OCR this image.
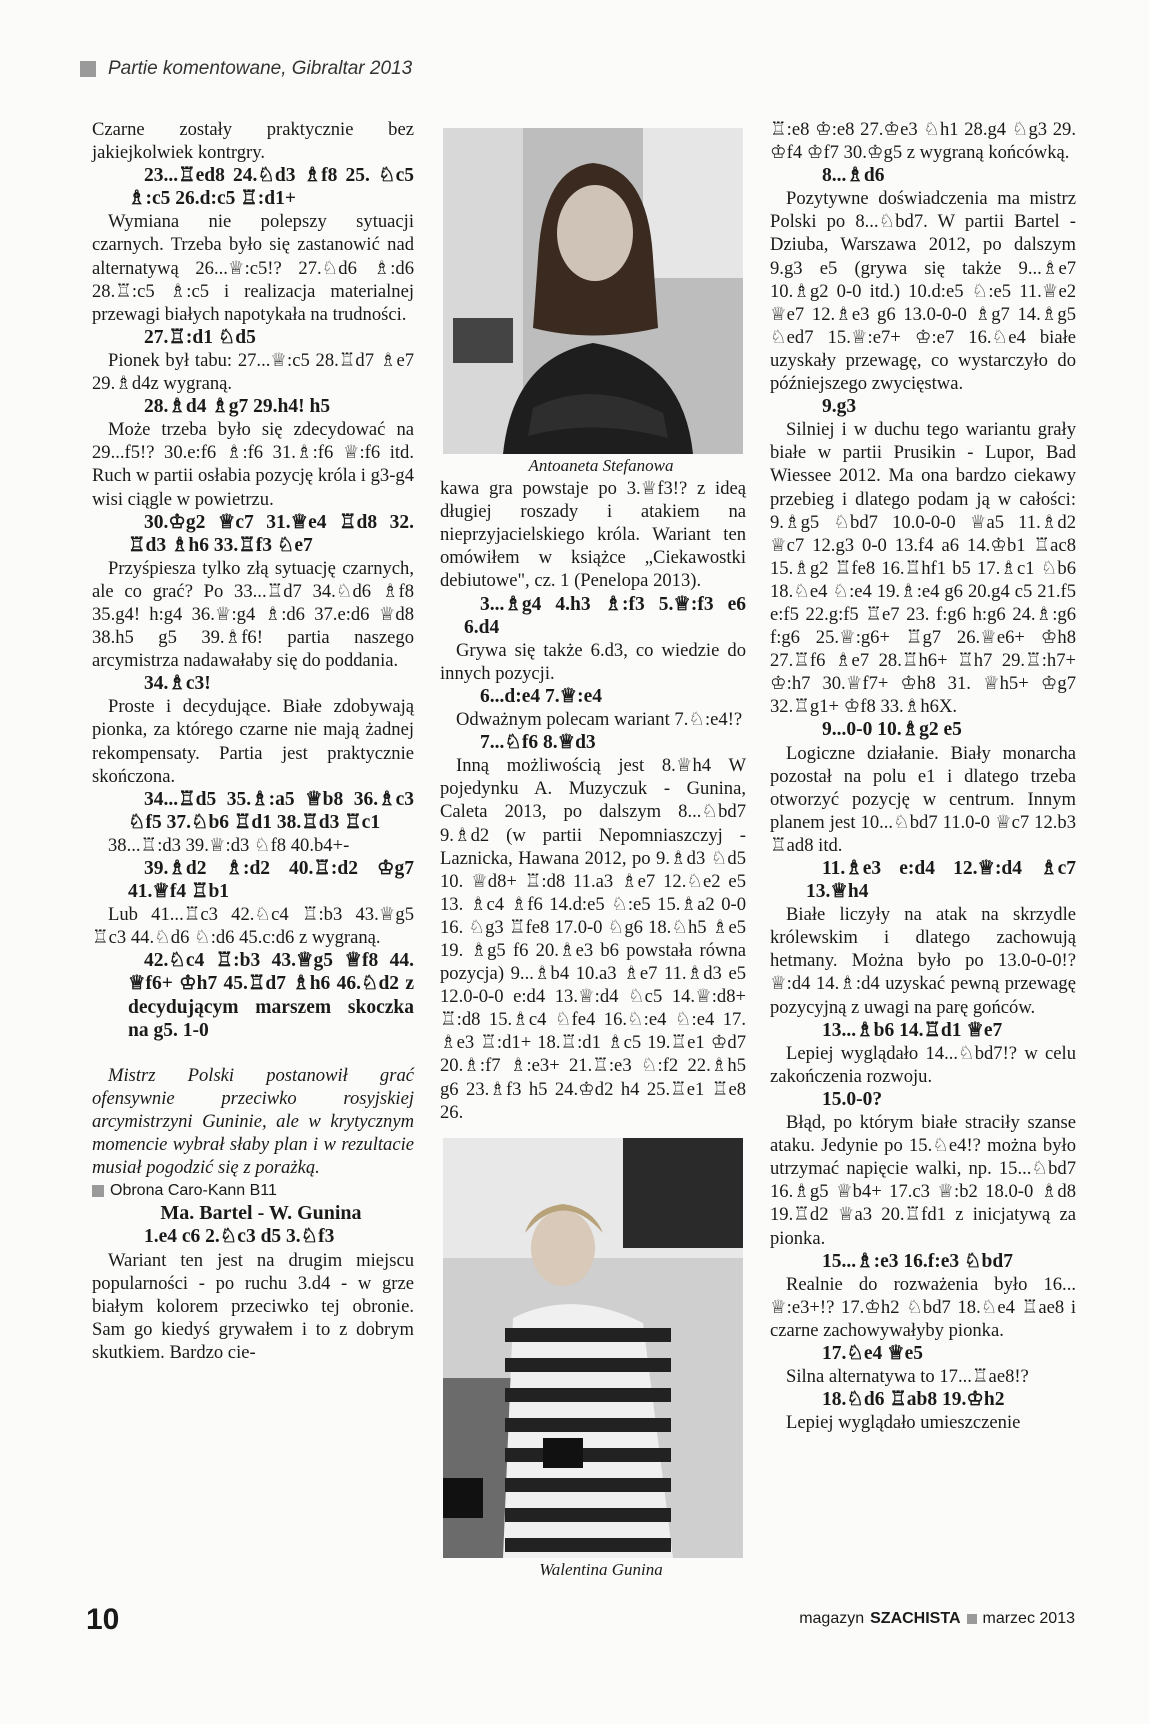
Partie komentowane, Gibraltar 2013

Czarne zostały praktycznie bez jakiejkolwiek kontrgry.

23...♖ed8 24.♘d3 ♗f8 25. ♘c5 ♗:c5 26.d:c5 ♖:d1+

Wymiana nie polepszy sytuacji czarnych. Trzeba było się zastanowić nad alternatywą 26...♕:c5!? 27.♘d6 ♗:d6 28.♖:c5 ♗:c5 i realizacja materialnej przewagi białych napotykała na trudności.

27.♖:d1 ♘d5

Pionek był tabu: 27...♕:c5 28.♖d7 ♗e7 29.♗d4z wygraną.

28.♗d4 ♗g7 29.h4! h5

Może trzeba było się zdecydować na 29...f5!? 30.e:f6 ♗:f6 31.♗:f6 ♕:f6 itd. Ruch w partii osłabia pozycję króla i g3-g4 wisi ciągle w powietrzu.

30.♔g2 ♕c7 31.♕e4 ♖d8 32. ♖d3 ♗h6 33.♖f3 ♘e7

Przyśpiesza tylko złą sytuację czarnych, ale co grać? Po 33...♖d7 34.♘d6 ♗f8 35.g4! h:g4 36.♕:g4 ♗:d6 37.e:d6 ♕d8 38.h5 g5 39.♗f6! partia naszego arcymistrza nadawałaby się do poddania.

34.♗c3!

Proste i decydujące. Białe zdobywają pionka, za którego czarne nie mają żadnej rekompensaty. Partia jest praktycznie skończona.

34...♖d5 35.♗:a5 ♕b8 36.♗c3 ♘f5 37.♘b6 ♖d1 38.♖d3 ♖c1

38...♖:d3 39.♕:d3 ♘f8 40.b4+-

39.♗d2 ♗:d2 40.♖:d2 ♔g7 41.♕f4 ♖b1

Lub 41...♖c3 42.♘c4 ♖:b3 43.♕g5 ♖c3 44.♘d6 ♘:d6 45.c:d6 z wygraną.

42.♘c4 ♖:b3 43.♕g5 ♕f8 44. ♕f6+ ♔h7 45.♖d7 ♗h6 46.♘d2 z decydującym marszem skoczka na g5. 1-0

Mistrz Polski postanowił grać ofensywnie przeciwko rosyjskiej arcymistrzyni Guninie, ale w krytycznym momencie wybrał słaby plan i w rezultacie musiał pogodzić się z porażką.

Obrona Caro-Kann B11

Ma. Bartel - W. Gunina

1.e4 c6 2.♘c3 d5 3.♘f3

Wariant ten jest na drugim miejscu popularności - po ruchu 3.d4 - w grze białym kolorem przeciwko tej obronie. Sam go kiedyś grywałem i to z dobrym skutkiem. Bardzo cie-

Antoaneta Stefanowa

kawa gra powstaje po 3.♕f3!? z ideą długiej roszady i atakiem na nieprzyjacielskiego króla. Wariant ten omówiłem w książce „Ciekawostki debiutowe", cz. 1 (Penelopa 2013).

3...♗g4 4.h3 ♗:f3 5.♕:f3 e6 6.d4

Grywa się także 6.d3, co wiedzie do innych pozycji.

6...d:e4 7.♕:e4

Odważnym polecam wariant 7.♘:e4!?

7...♘f6 8.♕d3

Inną możliwością jest 8.♕h4 W pojedynku A. Muzyczuk - Gunina, Caleta 2013, po dalszym 8...♘bd7 9.♗d2 (w partii Nepomniaszczyj - Laznicka, Hawana 2012, po 9.♗d3 ♘d5 10. ♕d8+ ♖:d8 11.a3 ♗e7 12.♘e2 e5 13. ♗c4 ♗f6 14.d:e5 ♘:e5 15.♗a2 0-0 16. ♘g3 ♖fe8 17.0-0 ♘g6 18.♘h5 ♗e5 19. ♗g5 f6 20.♗e3 b6 powstała równa pozycja) 9...♗b4 10.a3 ♗e7 11.♗d3 e5 12.0-0-0 e:d4 13.♕:d4 ♘c5 14.♕:d8+ ♖:d8 15.♗c4 ♘fe4 16.♘:e4 ♘:e4 17. ♗e3 ♖:d1+ 18.♖:d1 ♗c5 19.♖e1 ♔d7 20.♗:f7 ♗:e3+ 21.♖:e3 ♘:f2 22.♗h5 g6 23.♗f3 h5 24.♔d2 h4 25.♖e1 ♖e8 26.

Walentina Gunina

♖:e8 ♔:e8 27.♔e3 ♘h1 28.g4 ♘g3 29. ♔f4 ♔f7 30.♔g5 z wygraną końcówką.

8...♗d6

Pozytywne doświadczenia ma mistrz Polski po 8...♘bd7. W partii Bartel - Dziuba, Warszawa 2012, po dalszym 9.g3 e5 (grywa się także 9...♗e7 10.♗g2 0-0 itd.) 10.d:e5 ♘:e5 11.♕e2 ♕e7 12.♗e3 g6 13.0-0-0 ♗g7 14.♗g5 ♘ed7 15.♕:e7+ ♔:e7 16.♘e4 białe uzyskały przewagę, co wystarczyło do późniejszego zwycięstwa.

9.g3

Silniej i w duchu tego wariantu grały białe w partii Prusikin - Lupor, Bad Wiessee 2012. Ma ona bardzo ciekawy przebieg i dlatego podam ją w całości: 9.♗g5 ♘bd7 10.0-0-0 ♕a5 11.♗d2 ♕c7 12.g3 0-0 13.f4 a6 14.♔b1 ♖ac8 15.♗g2 ♖fe8 16.♖hf1 b5 17.♗c1 ♘b6 18.♘e4 ♘:e4 19.♗:e4 g6 20.g4 c5 21.f5 e:f5 22.g:f5 ♖e7 23. f:g6 h:g6 24.♗:g6 f:g6 25.♕:g6+ ♖g7 26.♕e6+ ♔h8 27.♖f6 ♗e7 28.♖h6+ ♖h7 29.♖:h7+ ♔:h7 30.♕f7+ ♔h8 31. ♕h5+ ♔g7 32.♖g1+ ♔f8 33.♗h6X.

9...0-0 10.♗g2 e5

Logiczne działanie. Biały monarcha pozostał na polu e1 i dlatego trzeba otworzyć pozycję w centrum. Innym planem jest 10...♘bd7 11.0-0 ♕c7 12.b3 ♖ad8 itd.

11.♗e3 e:d4 12.♕:d4 ♗c7 13.♕h4

Białe liczyły na atak na skrzydle królewskim i dlatego zachowują hetmany. Można było po 13.0-0-0!? ♕:d4 14.♗:d4 uzyskać pewną przewagę pozycyjną z uwagi na parę gońców.

13...♗b6 14.♖d1 ♕e7

Lepiej wyglądało 14...♘bd7!? w celu zakończenia rozwoju.

15.0-0?

Błąd, po którym białe straciły szanse ataku. Jedynie po 15.♘e4!? można było utrzymać napięcie walki, np. 15...♘bd7 16.♗g5 ♕b4+ 17.c3 ♕:b2 18.0-0 ♗d8 19.♖d2 ♕a3 20.♖fd1 z inicjatywą za pionka.

15...♗:e3 16.f:e3 ♘bd7

Realnie do rozważenia było 16... ♕:e3+!? 17.♔h2 ♘bd7 18.♘e4 ♖ae8 i czarne zachowywałyby pionka.

17.♘e4 ♕e5

Silna alternatywa to 17...♖ae8!?

18.♘d6 ♖ab8 19.♔h2

Lepiej wyglądało umieszczenie

10	magazyn SZACHISTA marzec 2013
